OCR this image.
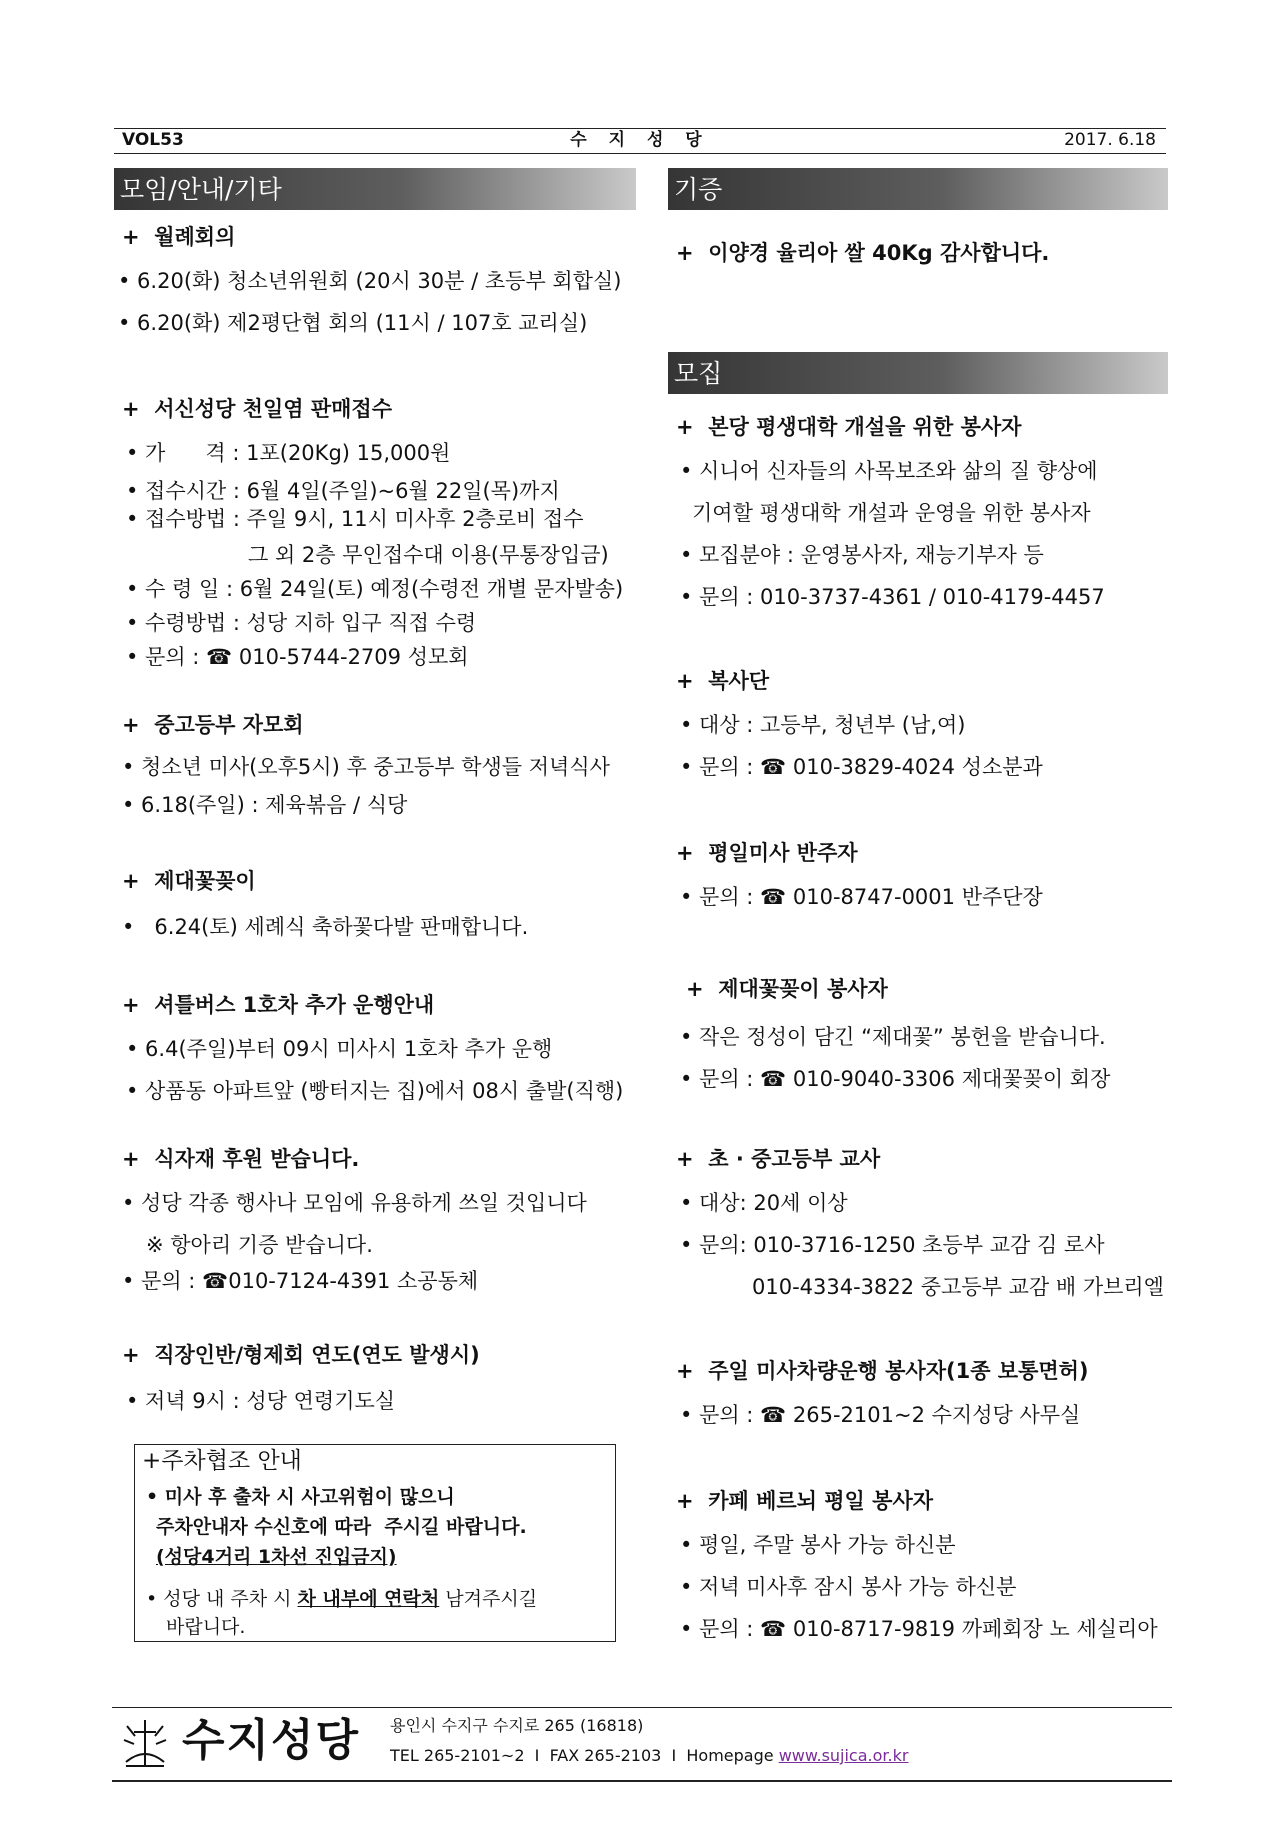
VOL53	수 지 성 당	2017. 6.18
모임/안내/기타
+  월례회의
• 6.20(화) 청소년위원회 (20시 30분 / 초등부 회합실)
• 6.20(화) 제2평단협 회의 (11시 / 107호 교리실)
+  서신성당 천일염 판매접수
• 가      격 : 1포(20Kg) 15,000원
• 접수시간 : 6월 4일(주일)~6월 22일(목)까지
• 접수방법 : 주일 9시, 11시 미사후 2층로비 접수
그 외 2층 무인접수대 이용(무통장입금)
• 수 령 일 : 6월 24일(토) 예정(수령전 개별 문자발송)
• 수령방법 : 성당 지하 입구 직접 수령
• 문의 : ☎ 010-5744-2709 성모회
+  중고등부 자모회
• 청소년 미사(오후5시) 후 중고등부 학생들 저녁식사
• 6.18(주일) : 제육볶음 / 식당
+  제대꽃꽂이
•   6.24(토) 세례식 축하꽃다발 판매합니다.
+  셔틀버스 1호차 추가 운행안내
• 6.4(주일)부터 09시 미사시 1호차 추가 운행
• 상품동 아파트앞 (빵터지는 집)에서 08시 출발(직행)
+  식자재 후원 받습니다.
• 성당 각종 행사나 모임에 유용하게 쓰일 것입니다
※ 항아리 기증 받습니다.
• 문의 : ☎010-7124-4391 소공동체
+  직장인반/형제회 연도(연도 발생시)
• 저녁 9시 : 성당 연령기도실
+주차협조 안내
• 미사 후 출차 시 사고위험이 많으니
주차안내자 수신호에 따라  주시길 바랍니다.
(성당4거리 1차선 진입금지)
• 성당 내 주차 시 차 내부에 연락처 남겨주시길
바랍니다.
기증
+  이양경 율리아 쌀 40Kg 감사합니다.
모집
+  본당 평생대학 개설을 위한 봉사자
• 시니어 신자들의 사목보조와 삶의 질 향상에
기여할 평생대학 개설과 운영을 위한 봉사자
• 모집분야 : 운영봉사자, 재능기부자 등
• 문의 : 010-3737-4361 / 010-4179-4457
+  복사단
• 대상 : 고등부, 청년부 (남,여)
• 문의 : ☎ 010-3829-4024 성소분과
+  평일미사 반주자
• 문의 : ☎ 010-8747-0001 반주단장
+  제대꽃꽂이 봉사자
• 작은 정성이 담긴 “제대꽃” 봉헌을 받습니다.
• 문의 : ☎ 010-9040-3306 제대꽃꽂이 회장
+  초 · 중고등부 교사
• 대상: 20세 이상
• 문의: 010-3716-1250 초등부 교감 김 로사
010-4334-3822 중고등부 교감 배 가브리엘
+  주일 미사차량운행 봉사자(1종 보통면허)
• 문의 : ☎ 265-2101~2 수지성당 사무실
+  카페 베르뇌 평일 봉사자
• 평일, 주말 봉사 가능 하신분
• 저녁 미사후 잠시 봉사 가능 하신분
• 문의 : ☎ 010-8717-9819 까페회장 노 세실리아
수지성당 용인시 수지구 수지로 265 (16818)
TEL 265-2101~2  I  FAX 265-2103  I  Homepage www.sujica.or.kr
